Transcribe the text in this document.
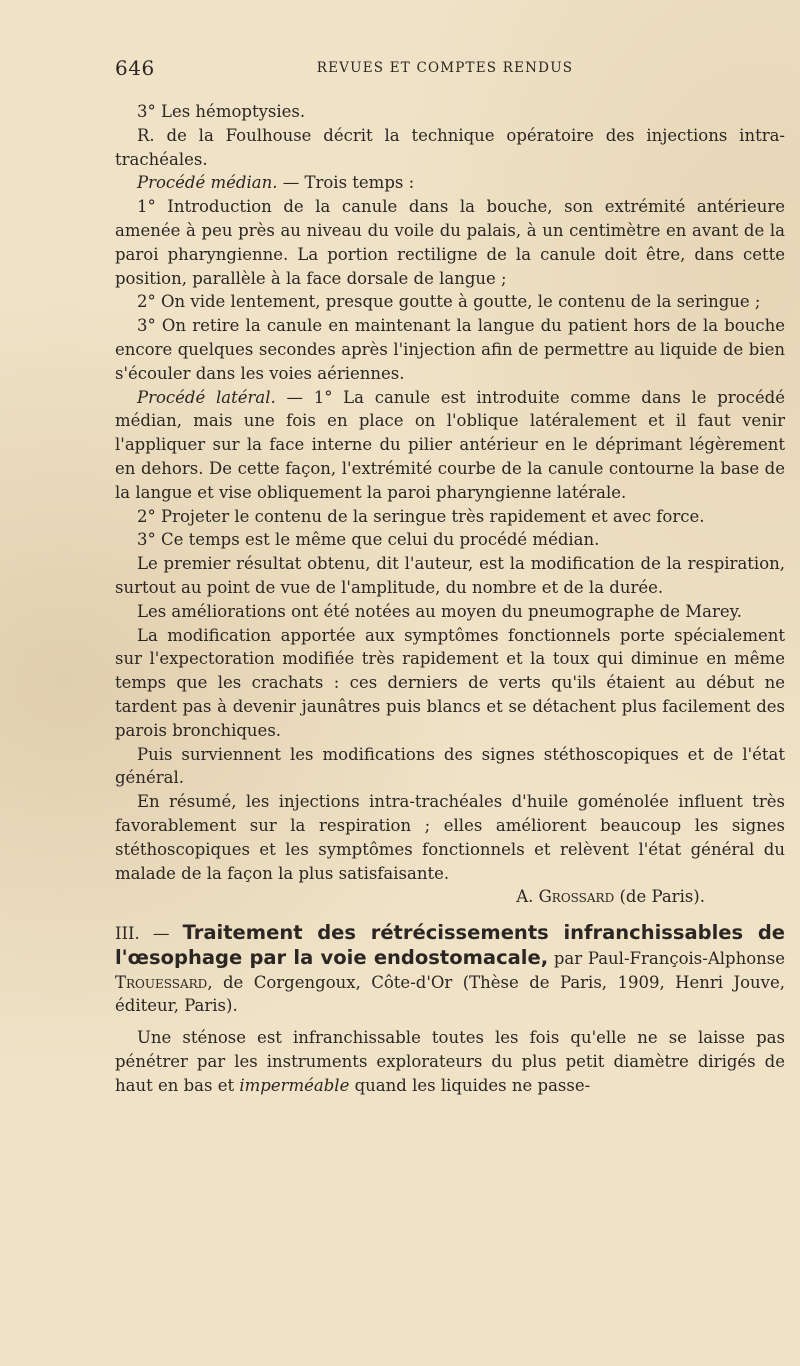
646	REVUES ET COMPTES RENDUS

3° Les hémoptysies.

R. de la Foulhouse décrit la technique opératoire des injections intra-trachéales.

Procédé médian. — Trois temps :

1° Introduction de la canule dans la bouche, son extrémité antérieure amenée à peu près au niveau du voile du palais, à un centimètre en avant de la paroi pharyngienne. La portion rectiligne de la canule doit être, dans cette position, parallèle à la face dorsale de langue ;

2° On vide lentement, presque goutte à goutte, le contenu de la seringue ;

3° On retire la canule en maintenant la langue du patient hors de la bouche encore quelques secondes après l'injection afin de permettre au liquide de bien s'écouler dans les voies aériennes.

Procédé latéral. — 1° La canule est introduite comme dans le procédé médian, mais une fois en place on l'oblique latéralement et il faut venir l'appliquer sur la face interne du pilier antérieur en le déprimant légèrement en dehors. De cette façon, l'extrémité courbe de la canule contourne la base de la langue et vise obliquement la paroi pharyngienne latérale.

2° Projeter le contenu de la seringue très rapidement et avec force.

3° Ce temps est le même que celui du procédé médian.

Le premier résultat obtenu, dit l'auteur, est la modification de la respiration, surtout au point de vue de l'amplitude, du nombre et de la durée.

Les améliorations ont été notées au moyen du pneumographe de Marey.

La modification apportée aux symptômes fonctionnels porte spécialement sur l'expectoration modifiée très rapidement et la toux qui diminue en même temps que les crachats : ces derniers de verts qu'ils étaient au début ne tardent pas à devenir jaunâtres puis blancs et se détachent plus facilement des parois bronchiques.

Puis surviennent les modifications des signes stéthoscopiques et de l'état général.

En résumé, les injections intra-trachéales d'huile goménolée influent très favorablement sur la respiration ; elles améliorent beaucoup les signes stéthoscopiques et les symptômes fonctionnels et relèvent l'état général du malade de la façon la plus satisfaisante.

A. Grossard (de Paris).

III. — Traitement des rétrécissements infranchissables de l'œsophage par la voie endostomacale, par Paul-François-Alphonse Trouessard, de Corgengoux, Côte-d'Or (Thèse de Paris, 1909, Henri Jouve, éditeur, Paris).

Une sténose est infranchissable toutes les fois qu'elle ne se laisse pas pénétrer par les instruments explorateurs du plus petit diamètre dirigés de haut en bas et imperméable quand les liquides ne passe-
